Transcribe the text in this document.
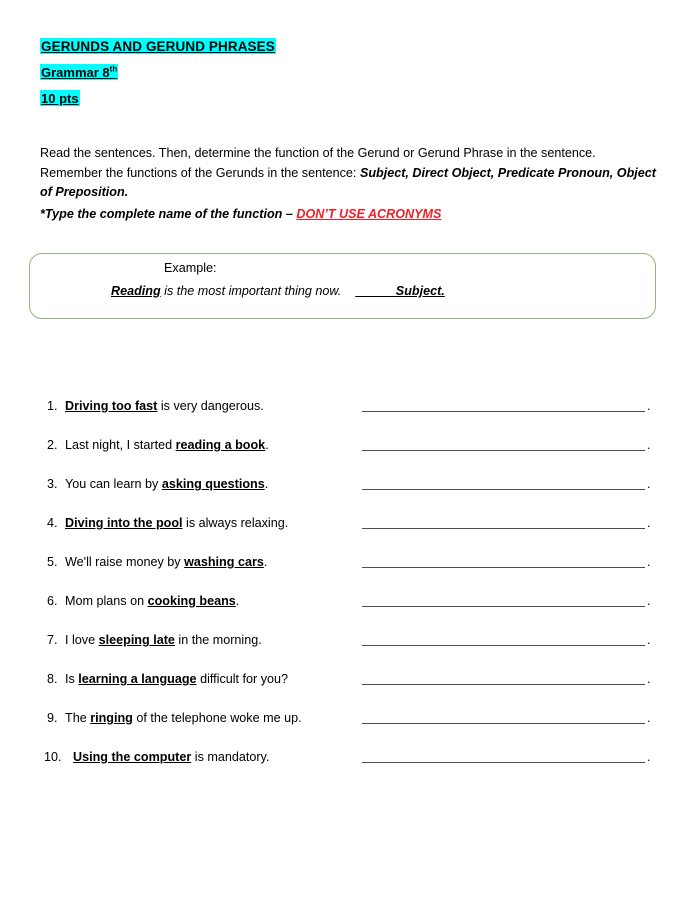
GERUNDS AND GERUND PHRASES
Grammar 8th
10 pts
Read the sentences. Then, determine the function of the Gerund or Gerund Phrase in the sentence. Remember the functions of the Gerunds in the sentence: Subject, Direct Object, Predicate Pronoun, Object of Preposition.
*Type the complete name of the function – DON’T USE ACRONYMS
Example:
Reading is the most important thing now.	Subject.
1. Driving too fast is very dangerous.	.
2. Last night, I started reading a book.	.
3. You can learn by asking questions.	.
4. Diving into the pool is always relaxing.	.
5. We'll raise money by washing cars.	.
6. Mom plans on cooking beans.	.
7. I love sleeping late in the morning.	.
8. Is learning a language difficult for you?	.
9. The ringing of the telephone woke me up.	.
10. Using the computer is mandatory.	.
